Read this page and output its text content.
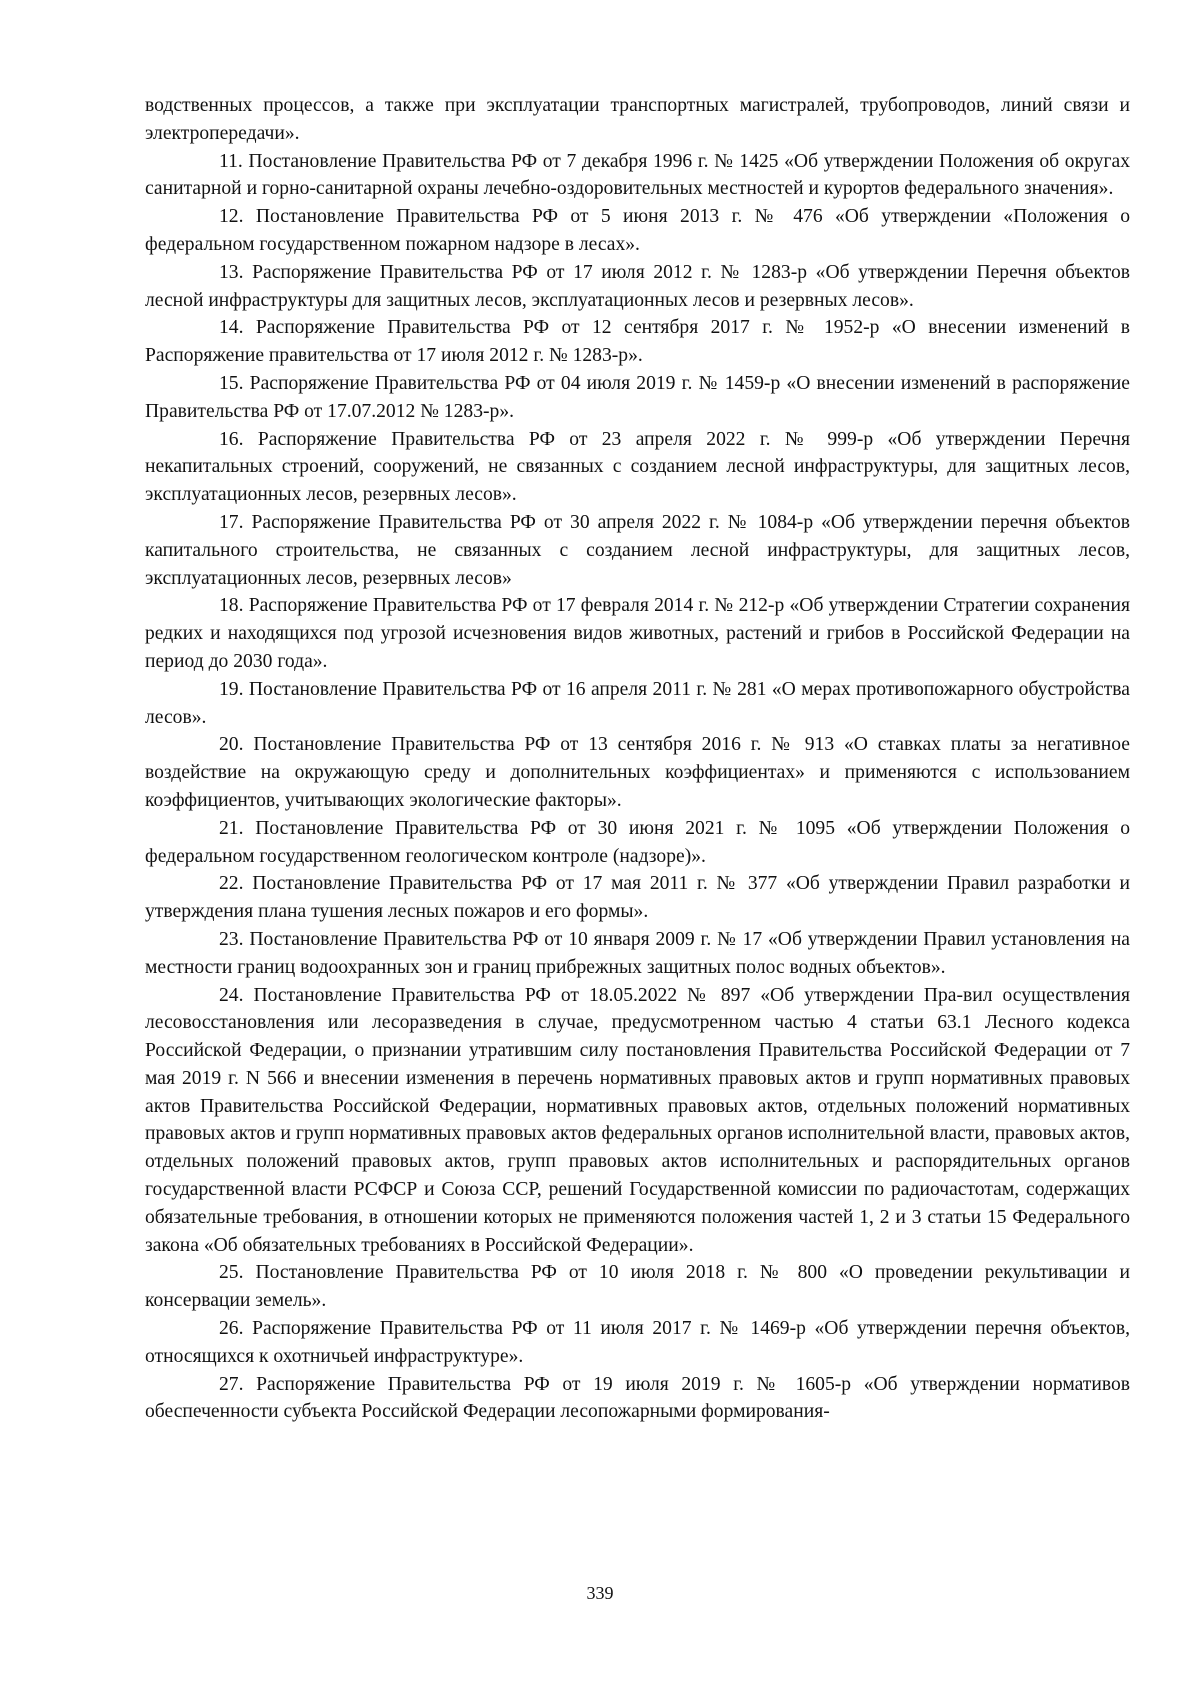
водственных процессов, а также при эксплуатации транспортных магистралей, трубопроводов, линий связи и электропередачи».

11. Постановление Правительства РФ от 7 декабря 1996 г. № 1425 «Об утверждении Положения об округах санитарной и горно-санитарной охраны лечебно-оздоровительных местностей и курортов федерального значения».

12. Постановление Правительства РФ от 5 июня 2013 г. № 476 «Об утверждении «Положения о федеральном государственном пожарном надзоре в лесах».

13. Распоряжение Правительства РФ от 17 июля 2012 г. № 1283-р «Об утверждении Перечня объектов лесной инфраструктуры для защитных лесов, эксплуатационных лесов и резервных лесов».

14. Распоряжение Правительства РФ от 12 сентября 2017 г. № 1952-р «О внесении изменений в Распоряжение правительства от 17 июля 2012 г. № 1283-р».

15. Распоряжение Правительства РФ от 04 июля 2019 г. № 1459-р «О внесении изменений в распоряжение Правительства РФ от 17.07.2012 № 1283-р».

16. Распоряжение Правительства РФ от 23 апреля 2022 г. № 999-р «Об утверждении Перечня некапитальных строений, сооружений, не связанных с созданием лесной инфраструктуры, для защитных лесов, эксплуатационных лесов, резервных лесов».

17. Распоряжение Правительства РФ от 30 апреля 2022 г. № 1084-р «Об утверждении перечня объектов капитального строительства, не связанных с созданием лесной инфраструктуры, для защитных лесов, эксплуатационных лесов, резервных лесов»

18. Распоряжение Правительства РФ от 17 февраля 2014 г. № 212-р «Об утверждении Стратегии сохранения редких и находящихся под угрозой исчезновения видов животных, растений и грибов в Российской Федерации на период до 2030 года».

19. Постановление Правительства РФ от 16 апреля 2011 г. № 281 «О мерах противопожарного обустройства лесов».

20. Постановление Правительства РФ от 13 сентября 2016 г. № 913 «О ставках платы за негативное воздействие на окружающую среду и дополнительных коэффициентах» и применяются с использованием коэффициентов, учитывающих экологические факторы».

21. Постановление Правительства РФ от 30 июня 2021 г. № 1095 «Об утверждении Положения о федеральном государственном геологическом контроле (надзоре)».

22. Постановление Правительства РФ от 17 мая 2011 г. № 377 «Об утверждении Правил разработки и утверждения плана тушения лесных пожаров и его формы».

23. Постановление Правительства РФ от 10 января 2009 г. № 17 «Об утверждении Правил установления на местности границ водоохранных зон и границ прибрежных защитных полос водных объектов».

24. Постановление Правительства РФ от 18.05.2022 № 897 «Об утверждении Пра-вил осуществления лесовосстановления или лесоразведения в случае, предусмотренном частью 4 статьи 63.1 Лесного кодекса Российской Федерации, о признании утратившим силу постановления Правительства Российской Федерации от 7 мая 2019 г. N 566 и внесении изменения в перечень нормативных правовых актов и групп нормативных правовых актов Правительства Российской Федерации, нормативных правовых актов, отдельных положений нормативных правовых актов и групп нормативных правовых актов федеральных органов исполнительной власти, правовых актов, отдельных положений правовых актов, групп правовых актов исполнительных и распорядительных органов государственной власти РСФСР и Союза ССР, решений Государственной комиссии по радиочастотам, содержащих обязательные требования, в отношении которых не применяются положения частей 1, 2 и 3 статьи 15 Федерального закона «Об обязательных требованиях в Российской Федерации».

25. Постановление Правительства РФ от 10 июля 2018 г. № 800 «О проведении рекультивации и консервации земель».

26. Распоряжение Правительства РФ от 11 июля 2017 г. № 1469-р «Об утверждении перечня объектов, относящихся к охотничьей инфраструктуре».

27. Распоряжение Правительства РФ от 19 июля 2019 г. № 1605-р «Об утверждении нормативов обеспеченности субъекта Российской Федерации лесопожарными формирования-

339
